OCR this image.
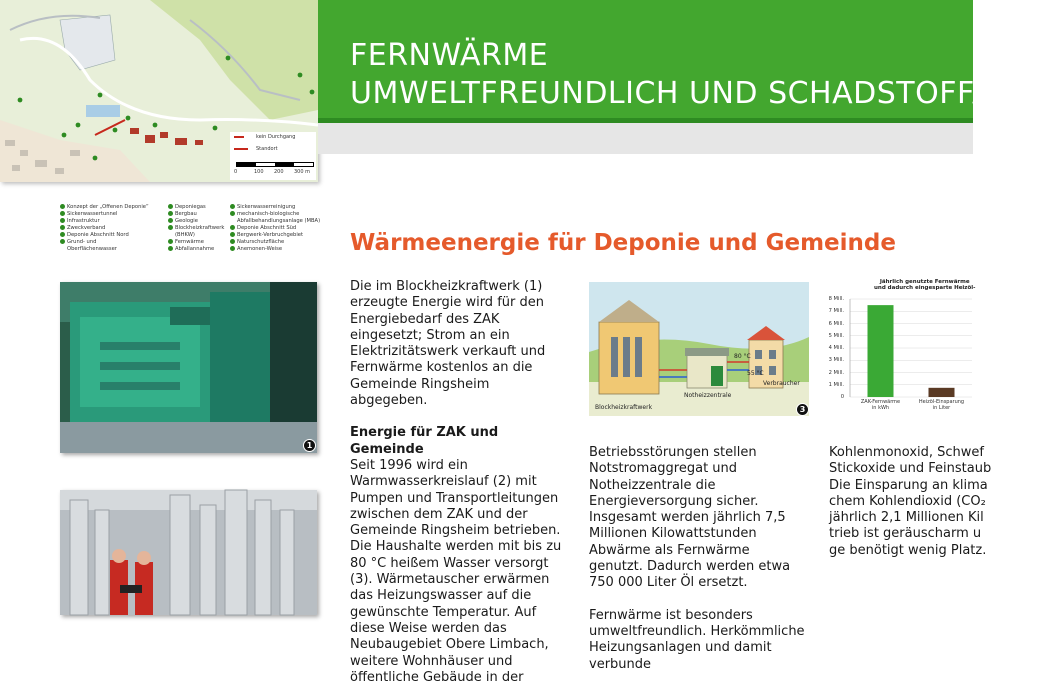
kein Durchgang
Standort
0	100 200 300 m
FERNWÄRME
UMWELTFREUNDLICH UND SCHADSTOFFARM
Konzept der „Offenen Deponie“
Sickerwassertunnel
Infrastruktur
Zweckverband
Deponie Abschnitt Nord
Grund- und
Oberflächenwasser
Deponiegas
Bergbau
Geologie
Blockheizkraftwerk
(BHKW)
Fernwärme
Abfallannahme
Sickerwasserreinigung
mechanisch-biologische
Abfallbehandlungsanlage (MBA)
Deponie Abschnitt Süd
Bergwerk-Verbruchgebiet
Naturschutzfläche
Anemonen-Weise
1
Wärmeenergie für Deponie und Gemeinde

Die im Blockheizkraftwerk (1) erzeugte Energie wird für den Energiebedarf des ZAK eingesetzt; Strom an ein Elektrizitätswerk verkauft und Fernwärme kostenlos an die Gemeinde Ringsheim abgegeben.

Energie für ZAK und Gemeinde
Seit 1996 wird ein Warmwasserkreislauf (2) mit Pumpen und Transportleitungen zwischen dem ZAK und der Gemeinde Ringsheim betrieben. Die Haushalte werden mit bis zu 80 °C heißem Wasser versorgt (3). Wärmetauscher erwärmen das Heizungswasser auf die gewünschte Temperatur. Auf diese Weise werden das Neubaugebiet Obere Limbach, weitere Wohnhäuser und öffentliche Gebäude in der
80 °C
55 °C
Verbraucher
Notheizzentrale
Blockheizkraftwerk	3
Jährlich genutzte Fernwärme
und dadurch eingesparte Heizöl-
8 Mill.
7 Mill.
6 Mill.
5 Mill.
4 Mill.
3 Mill.
2 Mill.
1 Mill.
0
ZAK-Fernwärme
in kWh
Heizöl-Einsparung
in Liter

Betriebsstörungen stellen Notstromaggregat und Notheizzentrale die Energieversorgung sicher. Insgesamt werden jährlich 7,5 Millionen Kilowattstunden Abwärme als Fernwärme genutzt. Dadurch werden etwa 750 000 Liter Öl ersetzt.

Fernwärme ist besonders umweltfreundlich. Herkömmliche Heizungsanlagen und damit verbunde

Kohlenmonoxid, Schwef
Stickoxide und Feinstaub
Die Einsparung an klima
chem Kohlendioxid (CO₂
jährlich 2,1 Millionen Kil
trieb ist geräuscharm u
ge benötigt wenig Platz.
